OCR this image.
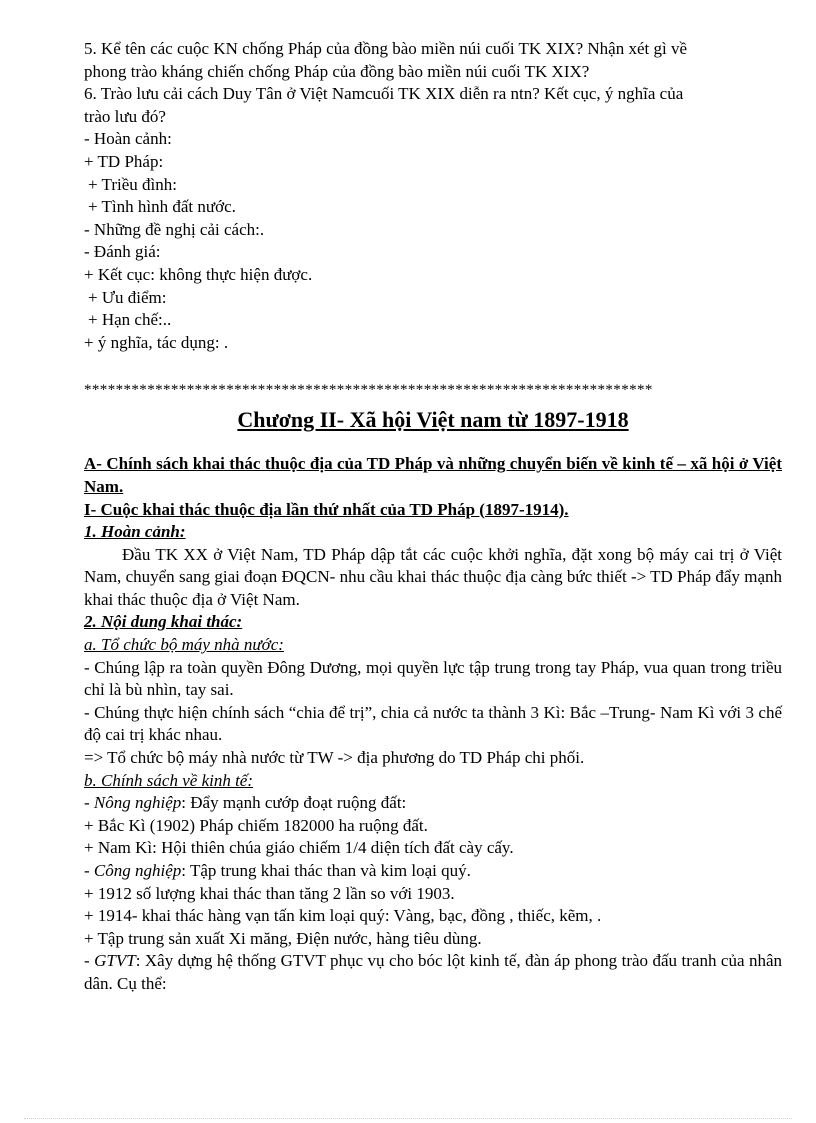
5. Kể tên các cuộc KN chống Pháp của đồng bào miền núi cuối TK XIX? Nhận xét gì về
phong trào kháng chiến chống Pháp của đồng bào miền núi cuối TK XIX?
6. Trào lưu cải cách Duy Tân ở Việt Namcuối TK XIX diễn ra ntn? Kết cục, ý nghĩa của
trào lưu đó?
- Hoàn cảnh:
+ TD Pháp:
+ Triều đình:
+ Tình hình đất nước.
- Những đề nghị cải cách:.
- Đánh giá:
+ Kết cục: không thực hiện được.
+ Ưu điểm:
+ Hạn chế:..
+ ý nghĩa, tác dụng: .
************************************************************************
Chương II- Xã hội Việt nam từ 1897-1918
A- Chính sách khai thác thuộc địa của TD Pháp và những chuyển biến về kinh tế – xã hội ở Việt Nam.
I- Cuộc khai thác thuộc địa lần thứ nhất của TD Pháp (1897-1914).
1. Hoàn cảnh:
Đầu TK XX ở Việt Nam, TD Pháp dập tắt các cuộc khởi nghĩa, đặt xong bộ máy cai trị ở Việt Nam, chuyển sang giai đoạn ĐQCN- nhu cầu khai thác thuộc địa càng bức thiết -> TD Pháp đẩy mạnh khai thác thuộc địa ở Việt Nam.
2. Nội dung khai thác:
a. Tổ chức bộ máy nhà nước:
- Chúng lập ra toàn quyền Đông Dương, mọi quyền lực tập trung trong tay Pháp, vua quan trong triều chỉ là bù nhìn, tay sai.
- Chúng thực hiện chính sách “chia để trị”, chia cả nước ta thành 3 Kì: Bắc –Trung- Nam Kì với 3 chế độ cai trị khác nhau.
=> Tổ chức bộ máy nhà nước từ TW -> địa phương do TD Pháp chi phối.
b. Chính sách về kinh tế:
- Nông nghiệp: Đẩy mạnh cướp đoạt ruộng đất:
+ Bắc Kì (1902) Pháp chiếm 182000 ha ruộng đất.
+ Nam Kì: Hội thiên chúa giáo chiếm 1/4 diện tích đất cày cấy.
- Công nghiệp: Tập trung khai thác than và kim loại quý.
+ 1912 số lượng khai thác than tăng 2 lần so với 1903.
+ 1914- khai thác hàng vạn tấn kim loại quý: Vàng, bạc, đồng , thiếc, kẽm, .
+ Tập trung sản xuất Xi măng, Điện nước, hàng tiêu dùng.
- GTVT: Xây dựng hệ thống GTVT phục vụ cho bóc lột kinh tế, đàn áp phong trào đấu tranh của nhân dân. Cụ thể:
